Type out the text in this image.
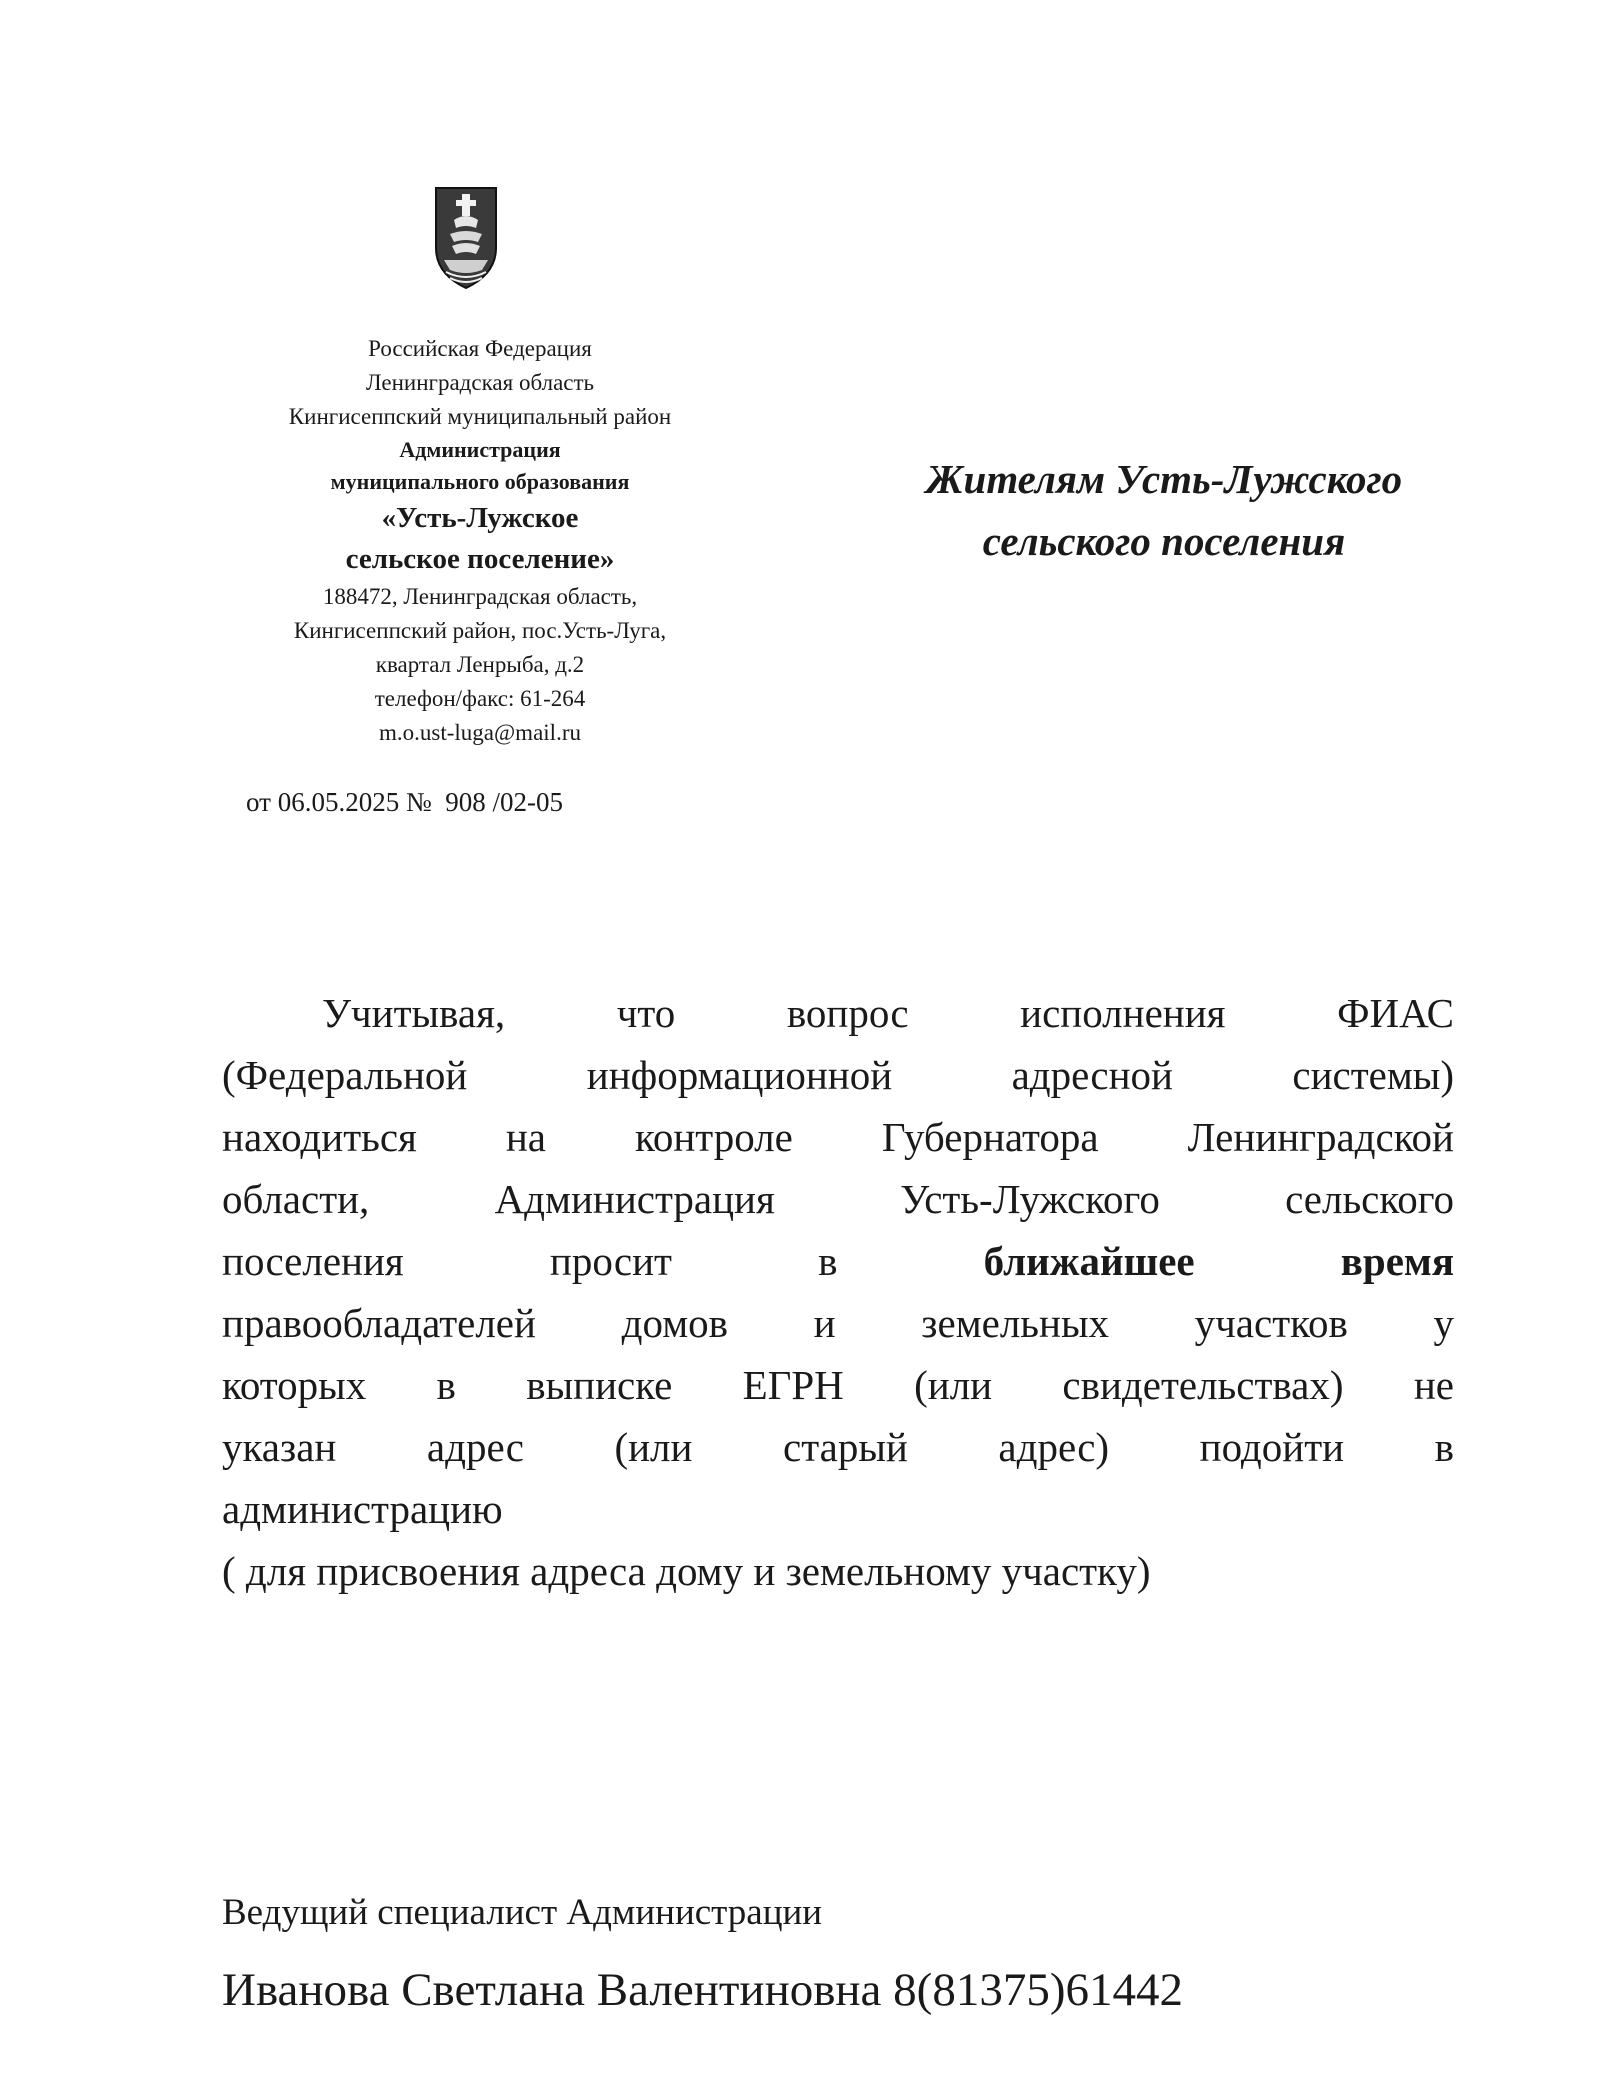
Российская Федерация
Ленинградская область
Кингисеппский муниципальный район
Администрация
муниципального образования
«Усть-Лужское
сельское поселение»
188472, Ленинградская область,
Кингисеппский район, пос.Усть-Луга,
квартал Ленрыба, д.2
телефон/факс: 61-264
m.o.ust-luga@mail.ru
от 06.05.2025 №  908 /02-05
Жителям Усть-Лужского
сельского поселения
Учитывая, что вопрос исполнения ФИАС
(Федеральной информационной адресной системы)
находиться на контроле Губернатора Ленинградской
области, Администрация Усть-Лужского сельского
поселения просит в	ближайшее время
правообладателей домов и земельных участков у
которых в выписке ЕГРН (или свидетельствах) не
указан адрес (или старый адрес) подойти в
администрацию
( для присвоения адреса дому и земельному участку)
Ведущий специалист Администрации
Иванова Светлана Валентиновна 8(81375)61442
